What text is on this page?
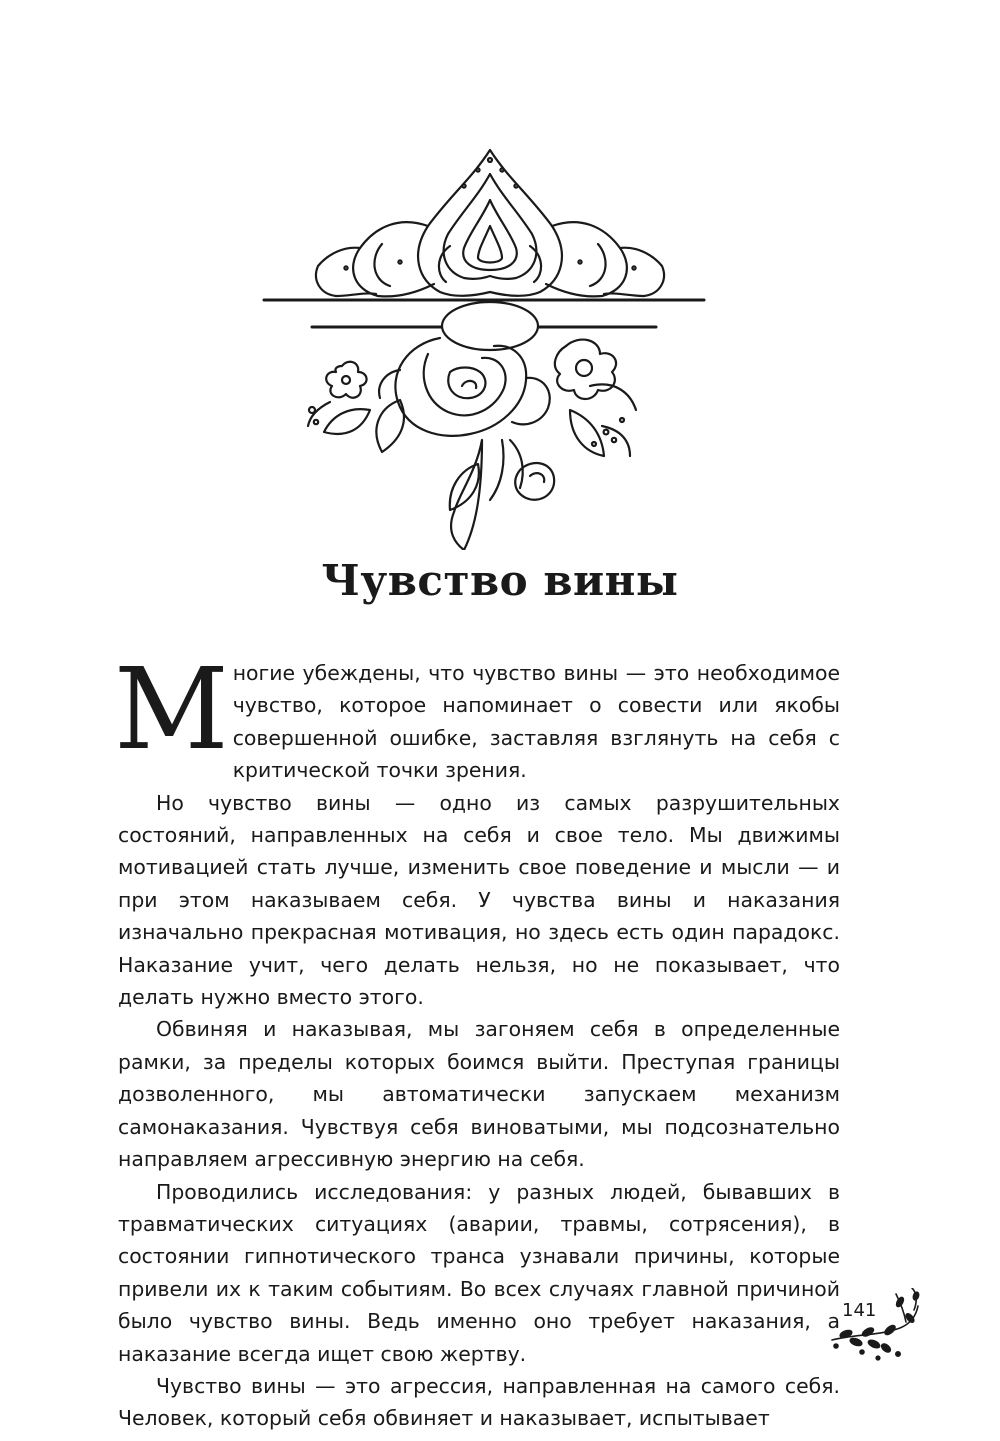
Чувство вины

Многие убеждены, что чувство вины — это необходимое чувство, которое напоминает о совести или якобы совершенной ошибке, заставляя взглянуть на себя с критической точки зрения.

Но чувство вины — одно из самых разрушительных состояний, направленных на себя и свое тело. Мы движимы мотивацией стать лучше, изменить свое поведение и мысли — и при этом наказываем себя. У чувства вины и наказания изначально прекрасная мотивация, но здесь есть один парадокс. Наказание учит, чего делать нельзя, но не показывает, что делать нужно вместо этого.

Обвиняя и наказывая, мы загоняем себя в определенные рамки, за пределы которых боимся выйти. Преступая границы дозволенного, мы автоматически запускаем механизм самонаказания. Чувствуя себя виноватыми, мы подсознательно направляем агрессивную энергию на себя.

Проводились исследования: у разных людей, бывавших в травматических ситуациях (аварии, травмы, сотрясения), в состоянии гипнотического транса узнавали причины, которые привели их к таким событиям. Во всех случаях главной причиной было чувство вины. Ведь именно оно требует наказания, а наказание всегда ищет свою жертву.

Чувство вины — это агрессия, направленная на самого себя. Человек, который себя обвиняет и наказывает, испытывает

141
